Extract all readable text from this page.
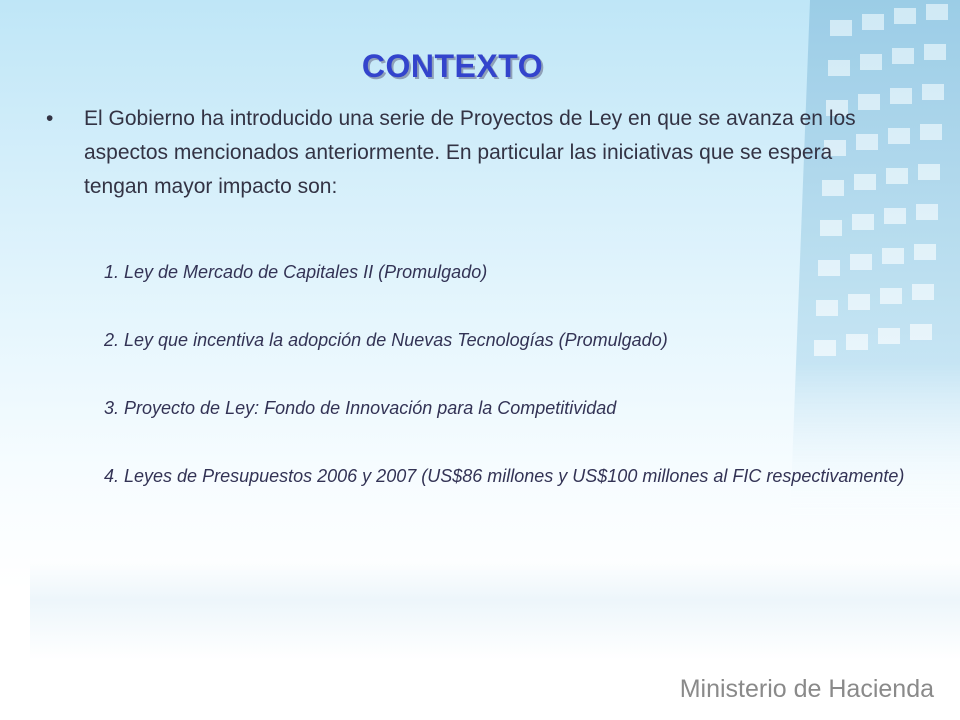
CONTEXTO
• El Gobierno ha introducido una serie de Proyectos de Ley en que se avanza en los aspectos mencionados anteriormente. En particular las iniciativas que se espera tengan mayor impacto son:
1. Ley de Mercado de Capitales II (Promulgado)
2. Ley que incentiva la adopción de Nuevas Tecnologías (Promulgado)
3. Proyecto de Ley: Fondo de Innovación para la Competitividad
4. Leyes de Presupuestos 2006 y 2007 (US$86 millones y US$100 millones al FIC respectivamente)
Ministerio de Hacienda
